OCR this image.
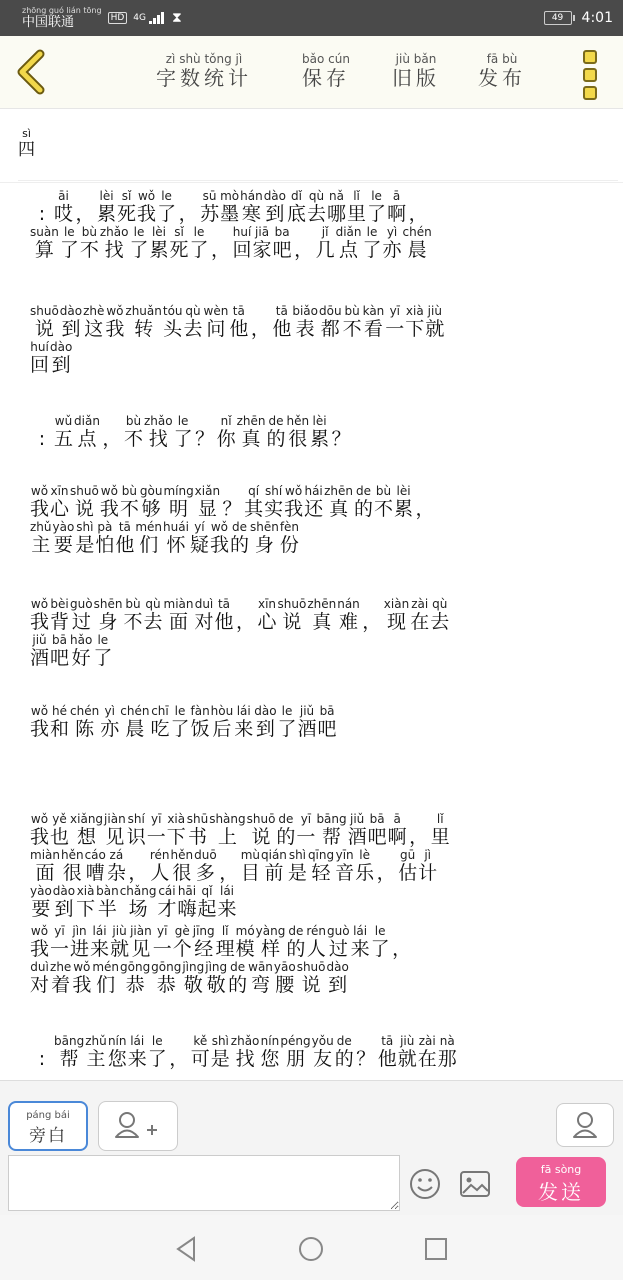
zhōng guó lián tōng
中国联通	HD	4G ⧗	49	4:01
zì shù tǒng jì
字数统计
bǎo cún
保存
jiù bǎn
旧版
fā bù
发布
四sì
: 哎āi， 累lèi死sǐ我wǒ了le， 苏sū墨mò寒hán到dào底dǐ去qù哪nǎ里lǐ了le啊ā，
算suàn了le不bù找zhǎo了le累lèi死sǐ了le， 回huí家jiā吧ba， 几jǐ点diǎn了le亦yì晨chén
说shuō到dào这zhè我wǒ转zhuǎn头tóu去qù问wèn他tā， 他tā表biǎo都dōu不bù看kàn一yī下xià就jiù
回huí到dào
: 五wǔ点diǎn， 不bù找zhǎo了le？ 你nǐ真zhēn的de很hěn累lèi？
我wǒ心xīn说shuō我wǒ不bù够gòu明míng显xiǎn？ 其qí实shí我wǒ还hái真zhēn的de不bù累lèi，
主zhǔ要yào是shì怕pà他tā们mén怀huái疑yí我wǒ的de身shēn份fèn
我wǒ背bèi过guò身shēn不bù去qù面miàn对duì他tā， 心xīn说shuō真zhēn难nán， 现xiàn在zài去qù
酒jiǔ吧bā好hǎo了le
我wǒ和hé陈chén亦yì晨chén吃chī了le饭fàn后hòu来lái到dào了le酒jiǔ吧bā
我wǒ也yě想xiǎng见jiàn识shí一yī下xià书shū上shàng说shuō的de一yī帮bāng酒jiǔ吧bā啊ā， 里lǐ
面miàn很hěn嘈cáo杂zá， 人rén很hěn多duō， 目mù前qián是shì轻qīng音yīn乐lè， 估gū计jì
要yào到dào下xià半bàn场chǎng才cái嗨hāi起qǐ来lái
我wǒ一yī进jìn来lái就jiù见jiàn一yī个gè经jīng理lǐ模mó样yàng的de人rén过guò来lái了le，
对duì着zhe我wǒ们mén恭gōng恭gōng敬jìng敬jìng的de弯wān腰yāo说shuō到dào
: 帮bāng主zhǔ您nín来lái了le， 可kě是shì找zhǎo您nín朋péng友yǒu的de？ 他tā就jiù在zài那nà
páng bái
旁白
fā sòng
发送
